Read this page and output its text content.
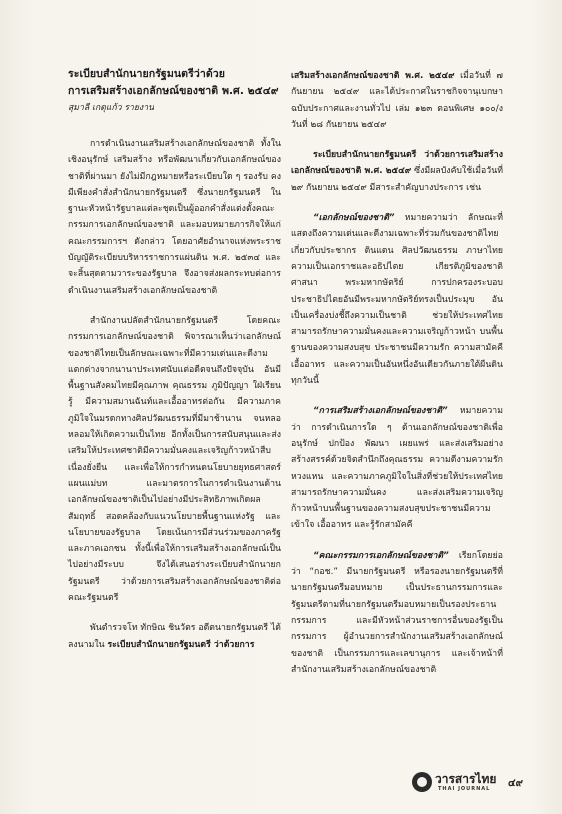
ระเบียบสำนักนายกรัฐมนตรีว่าด้วย

การเสริมสร้างเอกลักษณ์ของชาติ พ.ศ. ๒๕๔๙

สุมาลี เกตุแก้ว รายงาน

การดำเนินงานเสริมสร้างเอกลักษณ์ของชาติ ทั้งในเชิงอนุรักษ์ เสริมสร้าง หรือพัฒนาเกี่ยวกับเอกลักษณ์ของชาติที่ผ่านมา ยังไม่มีกฎหมายหรือระเบียบใด ๆ รองรับ คงมีเพียงคำสั่งสำนักนายกรัฐมนตรี ซึ่งนายกรัฐมนตรี ในฐานะหัวหน้ารัฐบาลแต่ละชุดเป็นผู้ออกคำสั่งแต่งตั้งคณะกรรมการเอกลักษณ์ของชาติ และมอบหมายภารกิจให้แก่คณะกรรมการฯ ดังกล่าว โดยอาศัยอำนาจแห่งพระราชบัญญัติระเบียบบริหารราชการแผ่นดิน พ.ศ. ๒๕๓๔ และจะสิ้นสุดตามวาระของรัฐบาล จึงอาจส่งผลกระทบต่อการดำเนินงานเสริมสร้างเอกลักษณ์ของชาติ

สำนักงานปลัดสำนักนายกรัฐมนตรี โดยคณะกรรมการเอกลักษณ์ของชาติ พิจารณาเห็นว่าเอกลักษณ์ของชาติไทยเป็นลักษณะเฉพาะที่มีความเด่นและดีงามแตกต่างจากนานาประเทศนับแต่อดีตจนถึงปัจจุบัน อันมีพื้นฐานสังคมไทยมีคุณภาพ คุณธรรม ภูมิปัญญา ใฝ่เรียนรู้ มีความสมานฉันท์และเอื้ออาทรต่อกัน มีความภาคภูมิใจในมรดกทางศิลปวัฒนธรรมที่มีมาช้านาน จนหลอหลอมให้เกิดความเป็นไทย อีกทั้งเป็นการสนับสนุนและส่งเสริมให้ประเทศชาติมีความมั่นคงและเจริญก้าวหน้าสืบเนื่องยั่งยืน และเพื่อให้การกำหนดนโยบายยุทธศาสตร์ แผนแม่บท และมาตรการในการดำเนินงานด้านเอกลักษณ์ของชาติเป็นไปอย่างมีประสิทธิภาพเกิดผลสัมฤทธิ์ สอดคล้องกับแนวนโยบายพื้นฐานแห่งรัฐ และนโยบายของรัฐบาล โดยเน้นการมีส่วนร่วมของภาครัฐและภาคเอกชน ทั้งนี้เพื่อให้การเสริมสร้างเอกลักษณ์เป็นไปอย่างมีระบบ จึงได้เสนอร่างระเบียบสำนักนายกรัฐมนตรี ว่าด้วยการเสริมสร้างเอกลักษณ์ของชาติต่อคณะรัฐมนตรี

พันตำรวจโท ทักษิณ ชินวัตร อดีตนายกรัฐมนตรี ได้ลงนามใน ระเบียบสำนักนายกรัฐมนตรี ว่าด้วยการ

เสริมสร้างเอกลักษณ์ของชาติ พ.ศ. ๒๕๔๙ เมื่อวันที่ ๗ กันยายน ๒๕๔๙ และได้ประกาศในราชกิจจานุเบกษา ฉบับประกาศและงานทั่วไป เล่ม ๑๒๓ ตอนพิเศษ ๑๐๐/ง วันที่ ๒๘ กันยายน ๒๕๔๙

ระเบียบสำนักนายกรัฐมนตรี ว่าด้วยการเสริมสร้างเอกลักษณ์ของชาติ พ.ศ. ๒๕๔๙ ซึ่งมีผลบังคับใช้เมื่อวันที่ ๒๙ กันยายน ๒๕๔๙ มีสาระสำคัญบางประการ เช่น

“เอกลักษณ์ของชาติ” หมายความว่า ลักษณะที่แสดงถึงความเด่นและดีงามเฉพาะที่ร่วมกันของชาติไทย เกี่ยวกับประชากร ดินแดน ศิลปวัฒนธรรม ภาษาไทย ความเป็นเอกราชและอธิปไตย เกียรติภูมิของชาติ ศาสนา พระมหากษัตริย์ การปกครองระบอบประชาธิปไตยอันมีพระมหากษัตริย์ทรงเป็นประมุข อันเป็นเครื่องบ่งชี้ถึงความเป็นชาติ ช่วยให้ประเทศไทยสามารถรักษาความมั่นคงและความเจริญก้าวหน้า บนพื้นฐานของความสงบสุข ประชาชนมีความรัก ความสามัคคี เอื้ออาทร และความเป็นอันหนึ่งอันเดียวกันภายใต้ผืนดินทุกวันนี้

“การเสริมสร้างเอกลักษณ์ของชาติ” หมายความว่า การดำเนินการใด ๆ ด้านเอกลักษณ์ของชาติเพื่ออนุรักษ์ ปกป้อง พัฒนา เผยแพร่ และส่งเสริมอย่างสร้างสรรค์ด้วยจิตสำนึกถึงคุณธรรม ความดีงามความรัก หวงแหน และความภาคภูมิใจในสิ่งที่ช่วยให้ประเทศไทยสามารถรักษาความมั่นคง และส่งเสริมความเจริญก้าวหน้าบนพื้นฐานของความสงบสุขประชาชนมีความเข้าใจ เอื้ออาทร และรู้รักสามัคคี

“คณะกรรมการเอกลักษณ์ของชาติ” เรียกโดยย่อว่า “กอช.” มีนายกรัฐมนตรี หรือรองนายกรัฐมนตรีที่นายกรัฐมนตรีมอบหมาย เป็นประธานกรรมการและรัฐมนตรีตามที่นายกรัฐมนตรีมอบหมายเป็นรองประธานกรรมการ และมีหัวหน้าส่วนราชการอื่นของรัฐเป็นกรรมการ ผู้อำนวยการสำนักงานเสริมสร้างเอกลักษณ์ของชาติ เป็นกรรมการและเลขานุการ และเจ้าหน้าที่สำนักงานเสริมสร้างเอกลักษณ์ของชาติ

วารสารไทย
THAI JOURNAL ๔๙
